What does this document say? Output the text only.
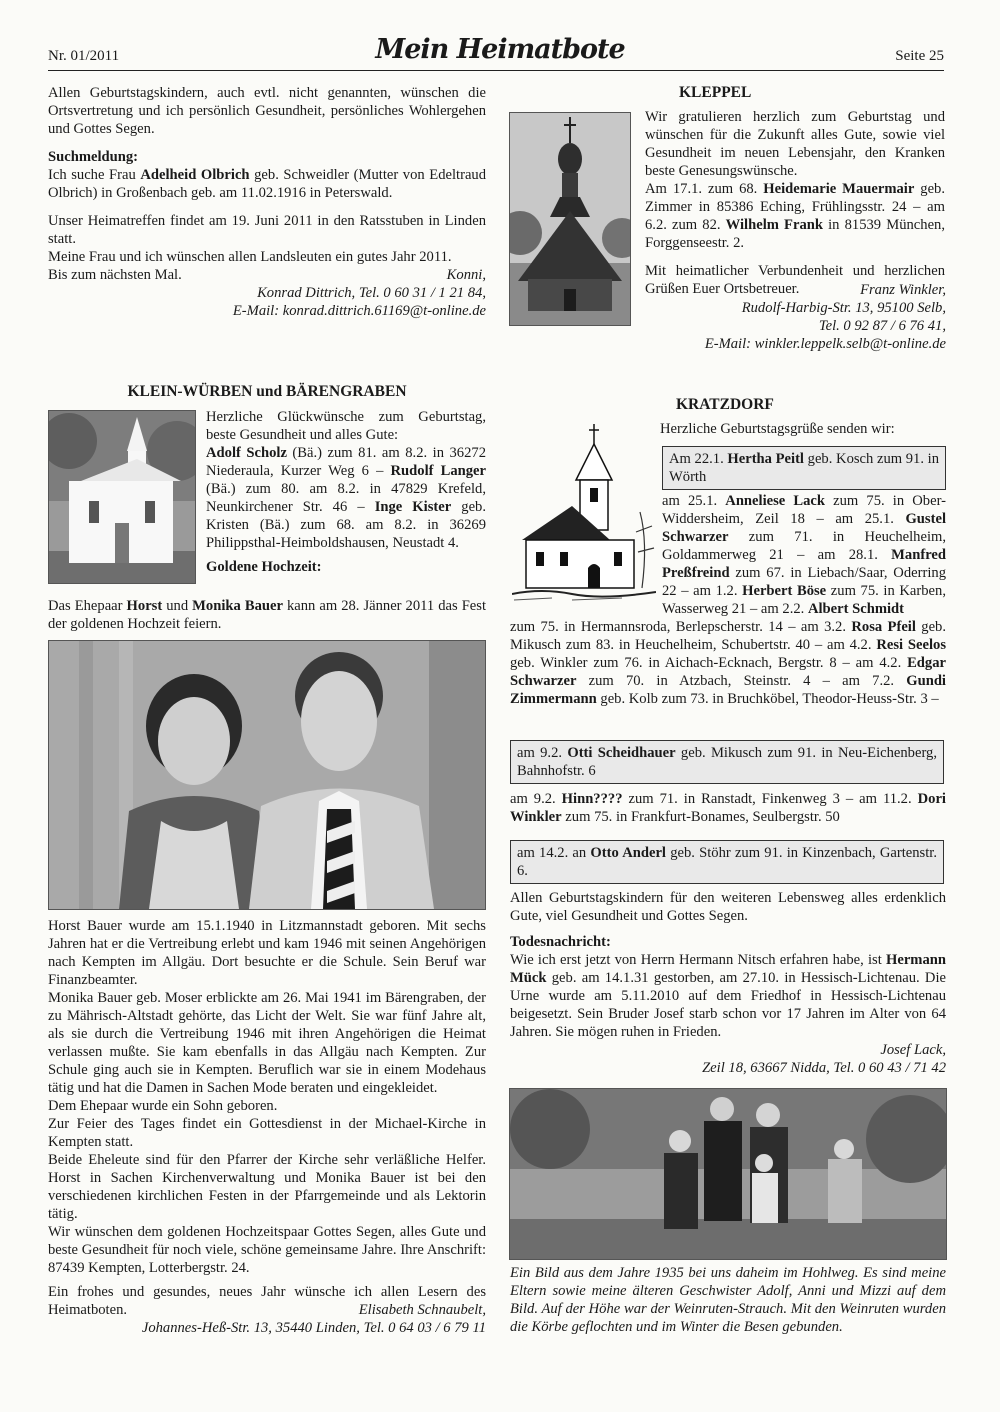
Nr. 01/2011	Mein Heimatbote	Seite 25

Allen Geburtstagskindern, auch evtl. nicht genannten, wünschen die Ortsvertretung und ich persönlich Gesundheit, persönliches Wohlergehen und Gottes Segen.

Suchmeldung:

Ich suche Frau Adelheid Olbrich geb. Schweidler (Mutter von Edeltraud Olbrich) in Großenbach geb. am 11.02.1916 in Peterswald.

Unser Heimatreffen findet am 19. Juni 2011 in den Ratsstuben in Linden statt.

Meine Frau und ich wünschen allen Landsleuten ein gutes Jahr 2011.

Bis zum nächsten Mal.	Konni,

Konrad Dittrich, Tel. 0 60 31 / 1 21 84,

E-Mail: konrad.dittrich.61169@t-online.de

KLEIN-WÜRBEN und BÄRENGRABEN

Herzliche Glückwünsche zum Geburtstag, beste Gesundheit und alles Gute:

Adolf Scholz (Bä.) zum 81. am 8.2. in 36272 Niederaula, Kurzer Weg 6 – Rudolf Langer (Bä.) zum 80. am 8.2. in 47829 Krefeld, Neunkirchener Str. 46 – Inge Kister geb. Kristen (Bä.) zum 68. am 8.2. in 36269 Philippsthal-Heimboldshausen, Neustadt 4.

Goldene Hochzeit:

Das Ehepaar Horst und Monika Bauer kann am 28. Jänner 2011 das Fest der goldenen Hochzeit feiern.

Horst Bauer wurde am 15.1.1940 in Litzmannstadt geboren. Mit sechs Jahren hat er die Vertreibung erlebt und kam 1946 mit seinen Angehörigen nach Kempten im Allgäu. Dort besuchte er die Schule. Sein Beruf war Finanzbeamter.

Monika Bauer geb. Moser erblickte am 26. Mai 1941 im Bärengraben, der zu Mährisch-Altstadt gehörte, das Licht der Welt. Sie war fünf Jahre alt, als sie durch die Vertreibung 1946 mit ihren Angehörigen die Heimat verlassen mußte. Sie kam ebenfalls in das Allgäu nach Kempten. Zur Schule ging auch sie in Kempten. Beruflich war sie in einem Modehaus tätig und hat die Damen in Sachen Mode beraten und eingekleidet.

Dem Ehepaar wurde ein Sohn geboren.

Zur Feier des Tages findet ein Gottesdienst in der Michael-Kirche in Kempten statt.

Beide Eheleute sind für den Pfarrer der Kirche sehr verläßliche Helfer. Horst in Sachen Kirchenverwaltung und Monika Bauer ist bei den verschiedenen kirchlichen Festen in der Pfarrgemeinde und als Lektorin tätig.

Wir wünschen dem goldenen Hochzeitspaar Gottes Segen, alles Gute und beste Gesundheit für noch viele, schöne gemeinsame Jahre. Ihre Anschrift: 87439 Kempten, Lotterbergstr. 24.

Ein frohes und gesundes, neues Jahr wünsche ich allen Lesern des Heimatboten.	Elisabeth Schnaubelt,

Johannes-Heß-Str. 13, 35440 Linden, Tel. 0 64 03 / 6 79 11

KLEPPEL

Wir gratulieren herzlich zum Geburtstag und wünschen für die Zukunft alles Gute, sowie viel Gesundheit im neuen Lebensjahr, den Kranken beste Genesungswünsche.

Am 17.1. zum 68. Heidemarie Mauermair geb. Zimmer in 85386 Eching, Frühlingsstr. 24 – am 6.2. zum 82. Wilhelm Frank in 81539 München, Forggenseestr. 2.

Mit heimatlicher Verbundenheit und herzlichen Grüßen Euer Ortsbetreuer.	Franz Winkler,

Rudolf-Harbig-Str. 13, 95100 Selb,

Tel. 0 92 87 / 6 76 41,

E-Mail: winkler.leppelk.selb@t-online.de

KRATZDORF

Herzliche Geburtstagsgrüße senden wir:

Am 22.1. Hertha Peitl geb. Kosch zum 91. in Wörth

am 25.1. Anneliese Lack zum 75. in Ober-Widdersheim, Zeil 18 – am 25.1. Gustel Schwarzer zum 71. in Heuchelheim, Goldammerweg 21 – am 28.1. Manfred Preßfreind zum 67. in Liebach/Saar, Oderring 22 – am 1.2. Herbert Böse zum 75. in Karben, Wasserweg 21 – am 2.2. Albert Schmidt

zum 75. in Hermannsroda, Berlepscherstr. 14 – am 3.2. Rosa Pfeil geb. Mikusch zum 83. in Heuchelheim, Schubertstr. 40 – am 4.2. Resi Seelos geb. Winkler zum 76. in Aichach-Ecknach, Bergstr. 8 – am 4.2. Edgar Schwarzer zum 70. in Atzbach, Steinstr. 4 – am 7.2. Gundi Zimmermann geb. Kolb zum 73. in Bruchköbel, Theodor-Heuss-Str. 3 –

am 9.2. Otti Scheidhauer geb. Mikusch zum 91. in Neu-Eichenberg, Bahnhofstr. 6

am 9.2. Hinn???? zum 71. in Ranstadt, Finkenweg 3 – am 11.2. Dori Winkler zum 75. in Frankfurt-Bonames, Seulbergstr. 50

am 14.2. an Otto Anderl geb. Stöhr zum 91. in Kinzenbach, Gartenstr. 6.

Allen Geburtstagskindern für den weiteren Lebensweg alles erdenklich Gute, viel Gesundheit und Gottes Segen.

Todesnachricht:

Wie ich erst jetzt von Herrn Hermann Nitsch erfahren habe, ist Hermann Mück geb. am 14.1.31 gestorben, am 27.10. in Hessisch-Lichtenau. Die Urne wurde am 5.11.2010 auf dem Friedhof in Hessisch-Lichtenau beigesetzt. Sein Bruder Josef starb schon vor 17 Jahren im Alter von 64 Jahren. Sie mögen ruhen in Frieden.

Josef Lack,

Zeil 18, 63667 Nidda, Tel. 0 60 43 / 71 42

Ein Bild aus dem Jahre 1935 bei uns daheim im Hohlweg. Es sind meine Eltern sowie meine älteren Geschwister Adolf, Anni und Mizzi auf dem Bild. Auf der Höhe war der Weinruten-Strauch. Mit den Weinruten wurden die Körbe geflochten und im Winter die Besen gebunden.
